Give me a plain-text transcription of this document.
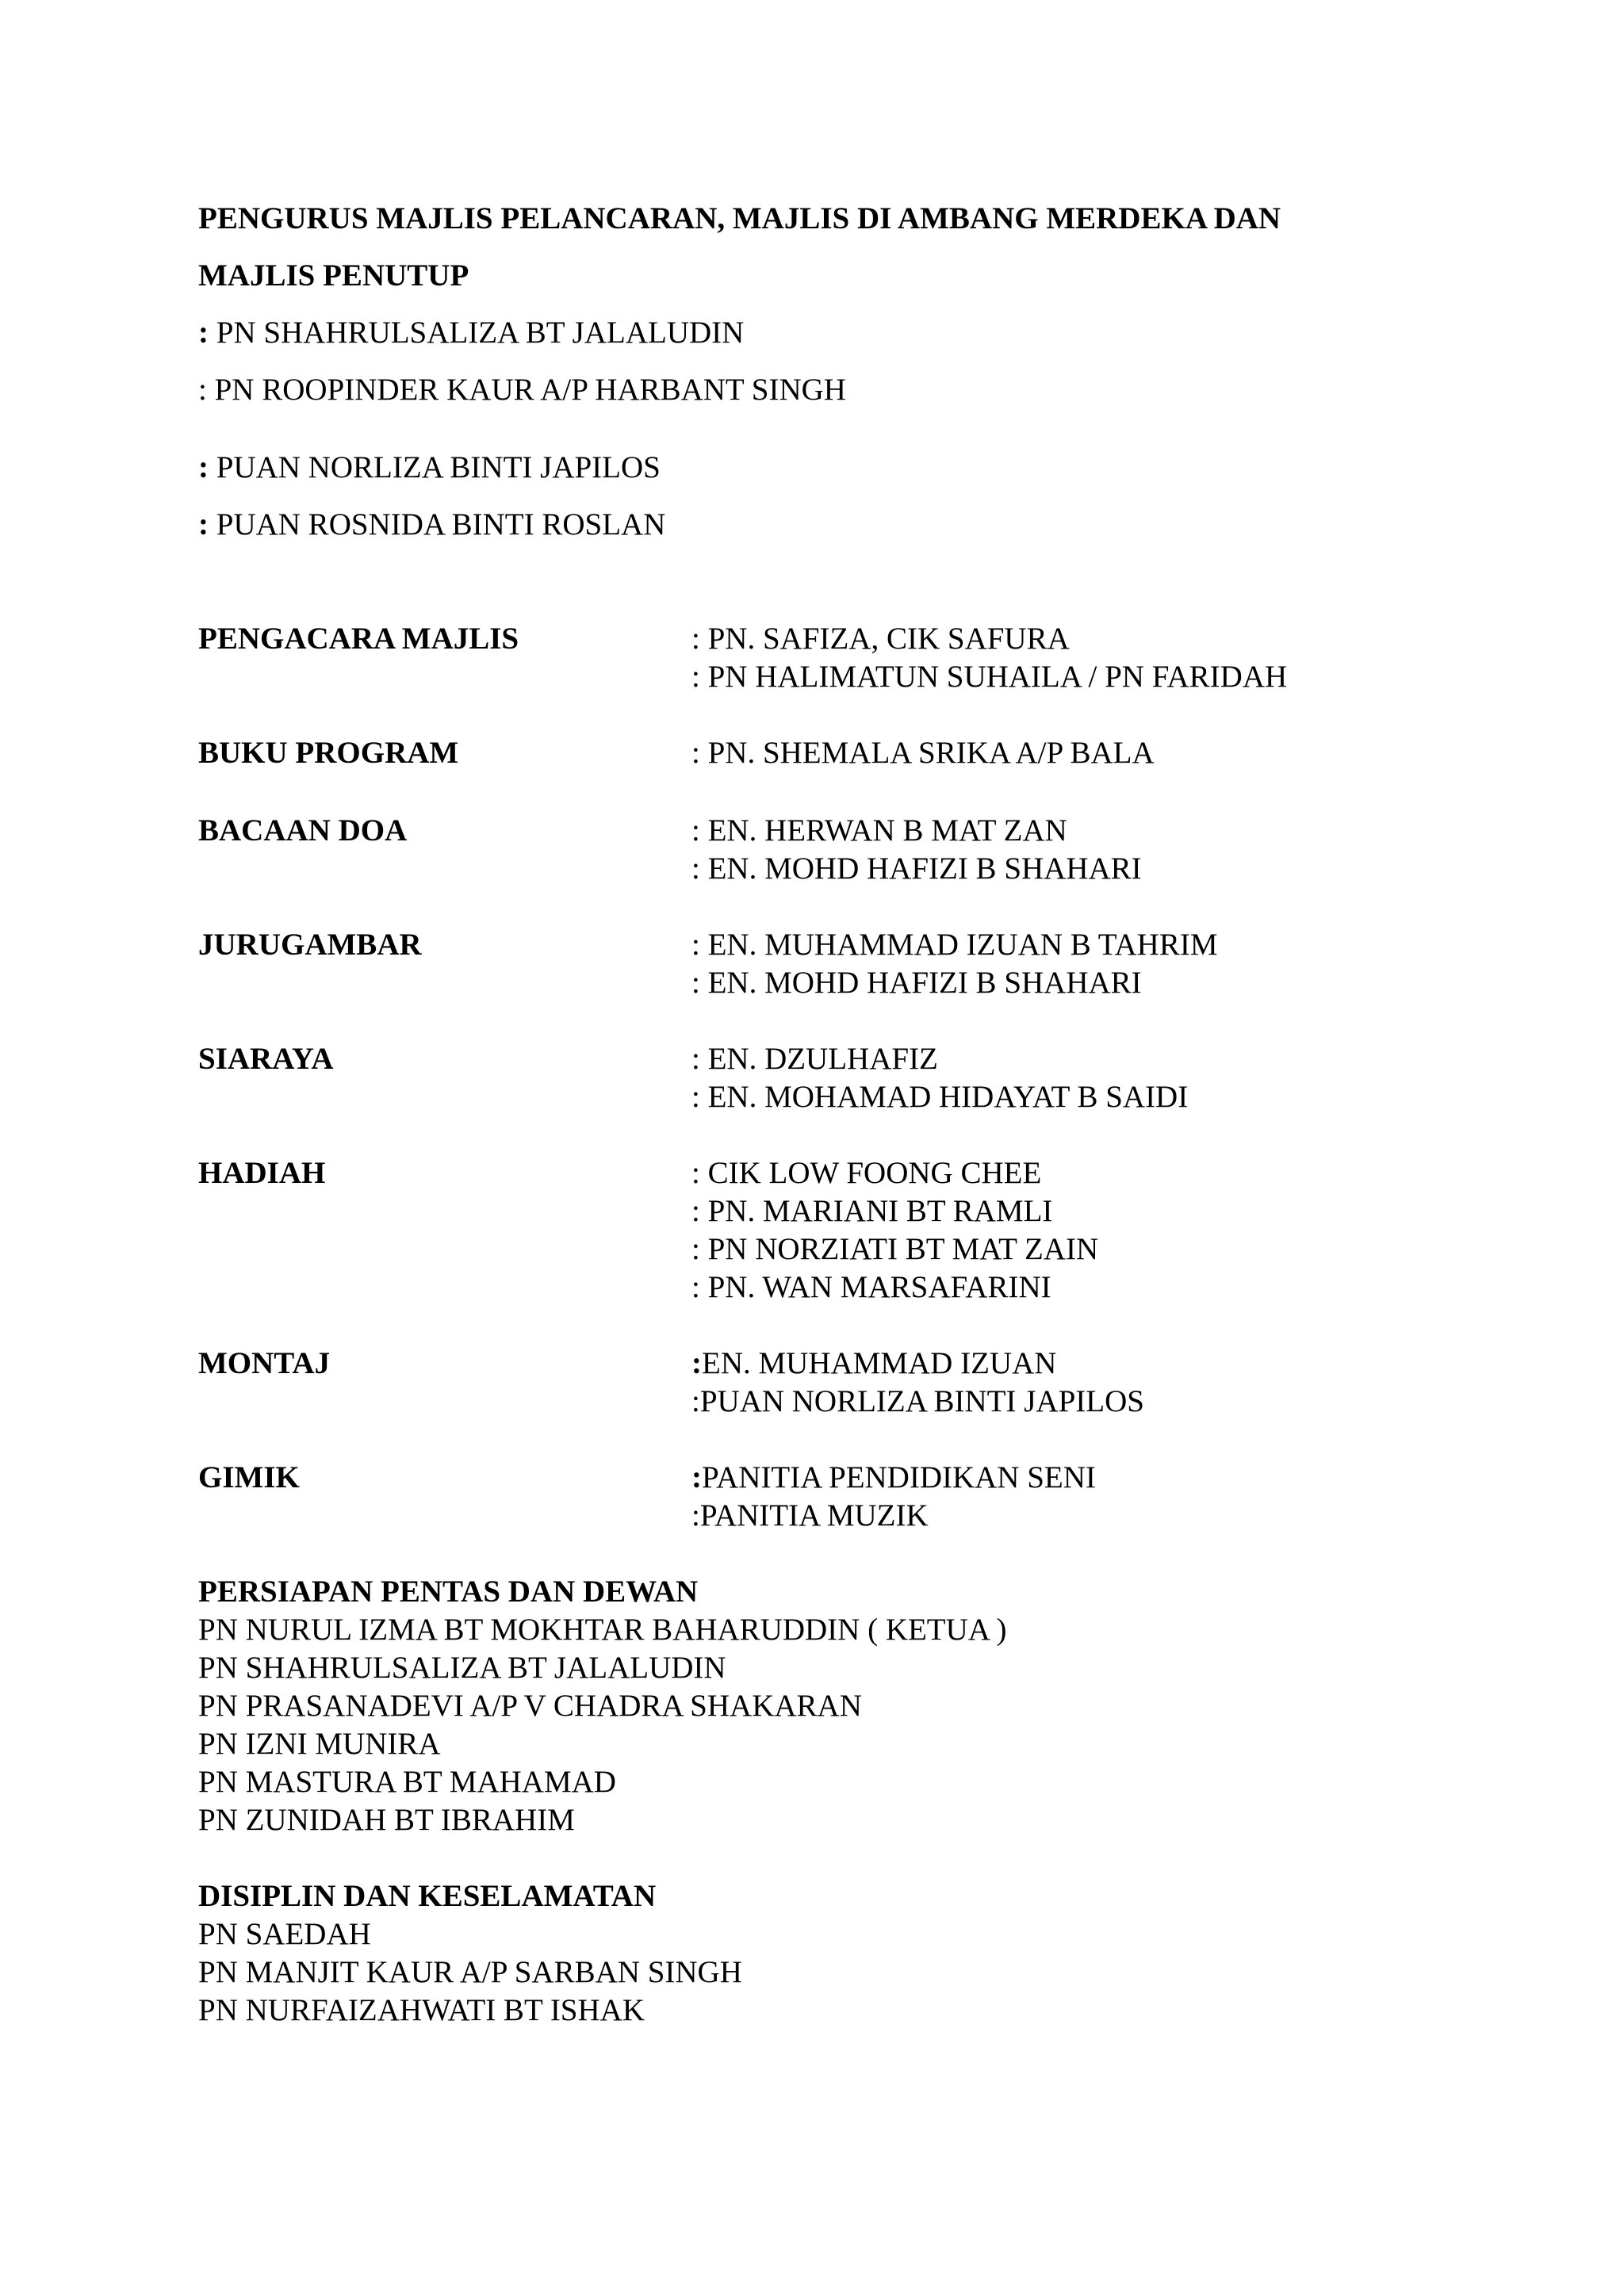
PENGURUS MAJLIS PELANCARAN, MAJLIS DI AMBANG MERDEKA DAN
MAJLIS PENUTUP
: PN SHAHRULSALIZA BT JALALUDIN
: PN ROOPINDER KAUR A/P HARBANT SINGH
: PUAN NORLIZA BINTI JAPILOS
: PUAN ROSNIDA BINTI ROSLAN
PENGACARA MAJLIS	: PN. SAFIZA, CIK SAFURA
: PN HALIMATUN SUHAILA / PN FARIDAH
BUKU PROGRAM	: PN. SHEMALA SRIKA A/P BALA
BACAAN DOA	: EN. HERWAN B MAT ZAN
: EN. MOHD HAFIZI B SHAHARI
JURUGAMBAR	: EN. MUHAMMAD IZUAN B TAHRIM
: EN. MOHD HAFIZI B SHAHARI
SIARAYA	: EN. DZULHAFIZ
: EN. MOHAMAD HIDAYAT B SAIDI
HADIAH	: CIK LOW FOONG CHEE
: PN. MARIANI BT RAMLI
: PN NORZIATI BT MAT ZAIN
: PN. WAN MARSAFARINI
MONTAJ	:EN. MUHAMMAD IZUAN
:PUAN NORLIZA BINTI JAPILOS
GIMIK	:PANITIA PENDIDIKAN SENI
:PANITIA MUZIK
PERSIAPAN PENTAS DAN DEWAN
PN NURUL IZMA BT MOKHTAR BAHARUDDIN ( KETUA )
PN SHAHRULSALIZA BT JALALUDIN
PN PRASANADEVI A/P V CHADRA SHAKARAN
PN IZNI MUNIRA
PN MASTURA BT MAHAMAD
PN ZUNIDAH BT IBRAHIM
DISIPLIN DAN KESELAMATAN
PN SAEDAH
PN MANJIT KAUR A/P SARBAN SINGH
PN NURFAIZAHWATI BT ISHAK
